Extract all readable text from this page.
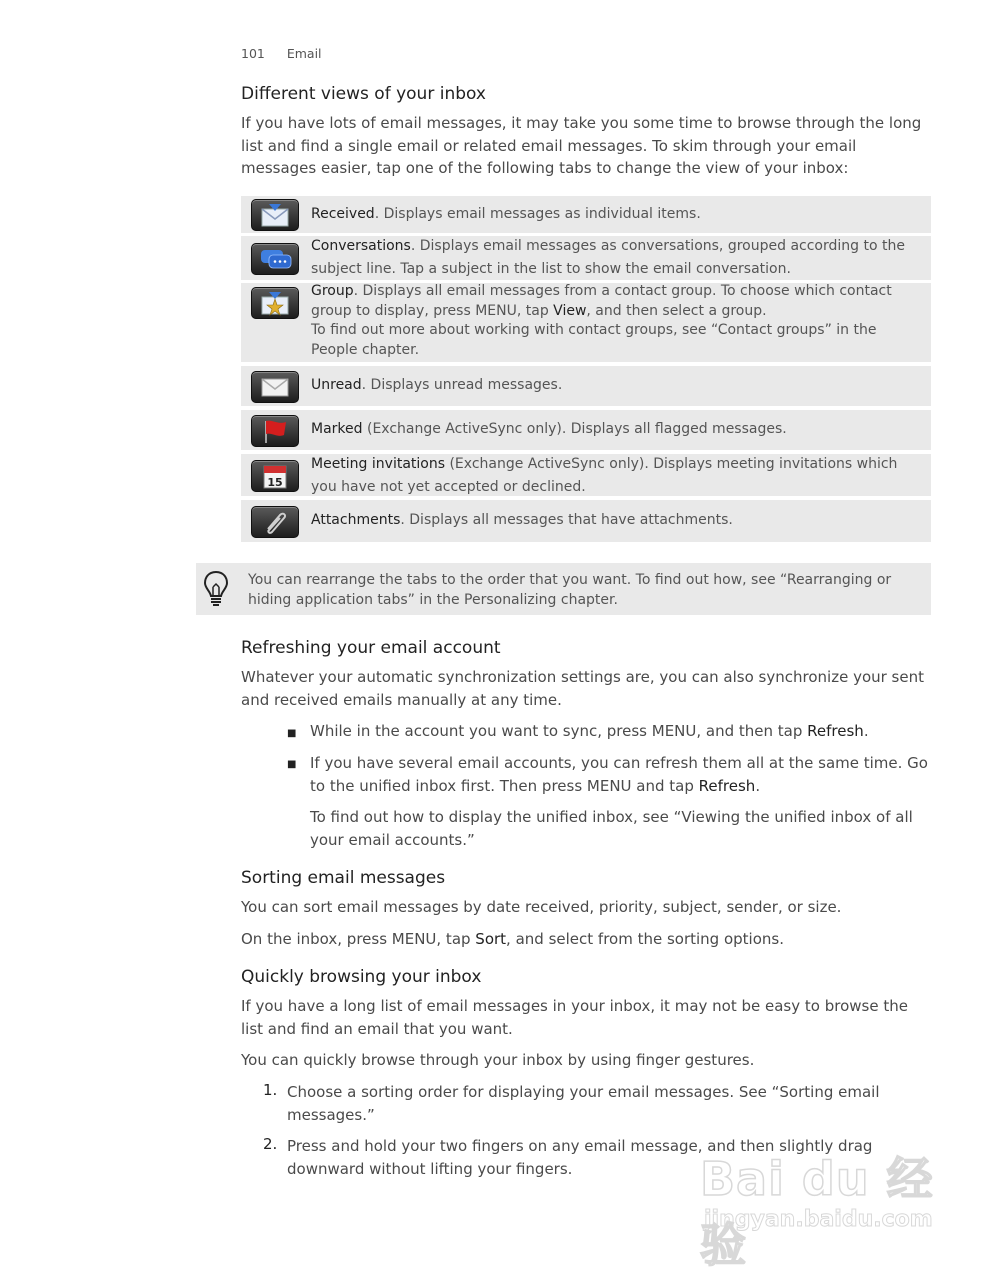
101 Email
Different views of your inbox

If you have lots of email messages, it may take you some time to browse through the long list and find a single email or related email messages. To skim through your email messages easier, tap one of the following tabs to change the view of your inbox:

Received. Displays email messages as individual items.
Conversations. Displays email messages as conversations, grouped according to the subject line. Tap a subject in the list to show the email conversation.
Group. Displays all email messages from a contact group. To choose which contact group to display, press MENU, tap View, and then select a group.
To find out more about working with contact groups, see “Contact groups” in the People chapter.
Unread. Displays unread messages.
Marked (Exchange ActiveSync only). Displays all flagged messages.
15
Meeting invitations (Exchange ActiveSync only). Displays meeting invitations which you have not yet accepted or declined.
Attachments. Displays all messages that have attachments.
You can rearrange the tabs to the order that you want. To find out how, see “Rearranging or hiding application tabs” in the Personalizing chapter.
Refreshing your email account

Whatever your automatic synchronization settings are, you can also synchronize your sent and received emails manually at any time.

■ While in the account you want to sync, press MENU, and then tap Refresh.

■ If you have several email accounts, you can refresh them all at the same time. Go to the unified inbox first. Then press MENU and tap Refresh.

To find out how to display the unified inbox, see “Viewing the unified inbox of all your email accounts.”

Sorting email messages

You can sort email messages by date received, priority, subject, sender, or size.

On the inbox, press MENU, tap Sort, and select from the sorting options.

Quickly browsing your inbox

If you have a long list of email messages in your inbox, it may not be easy to browse the list and find an email that you want.

You can quickly browse through your inbox by using finger gestures.

1. Choose a sorting order for displaying your email messages. See “Sorting email messages.”

2. Press and hold your two fingers on any email message, and then slightly drag downward without lifting your fingers.	Bai du 经验
jingyan.baidu.com
